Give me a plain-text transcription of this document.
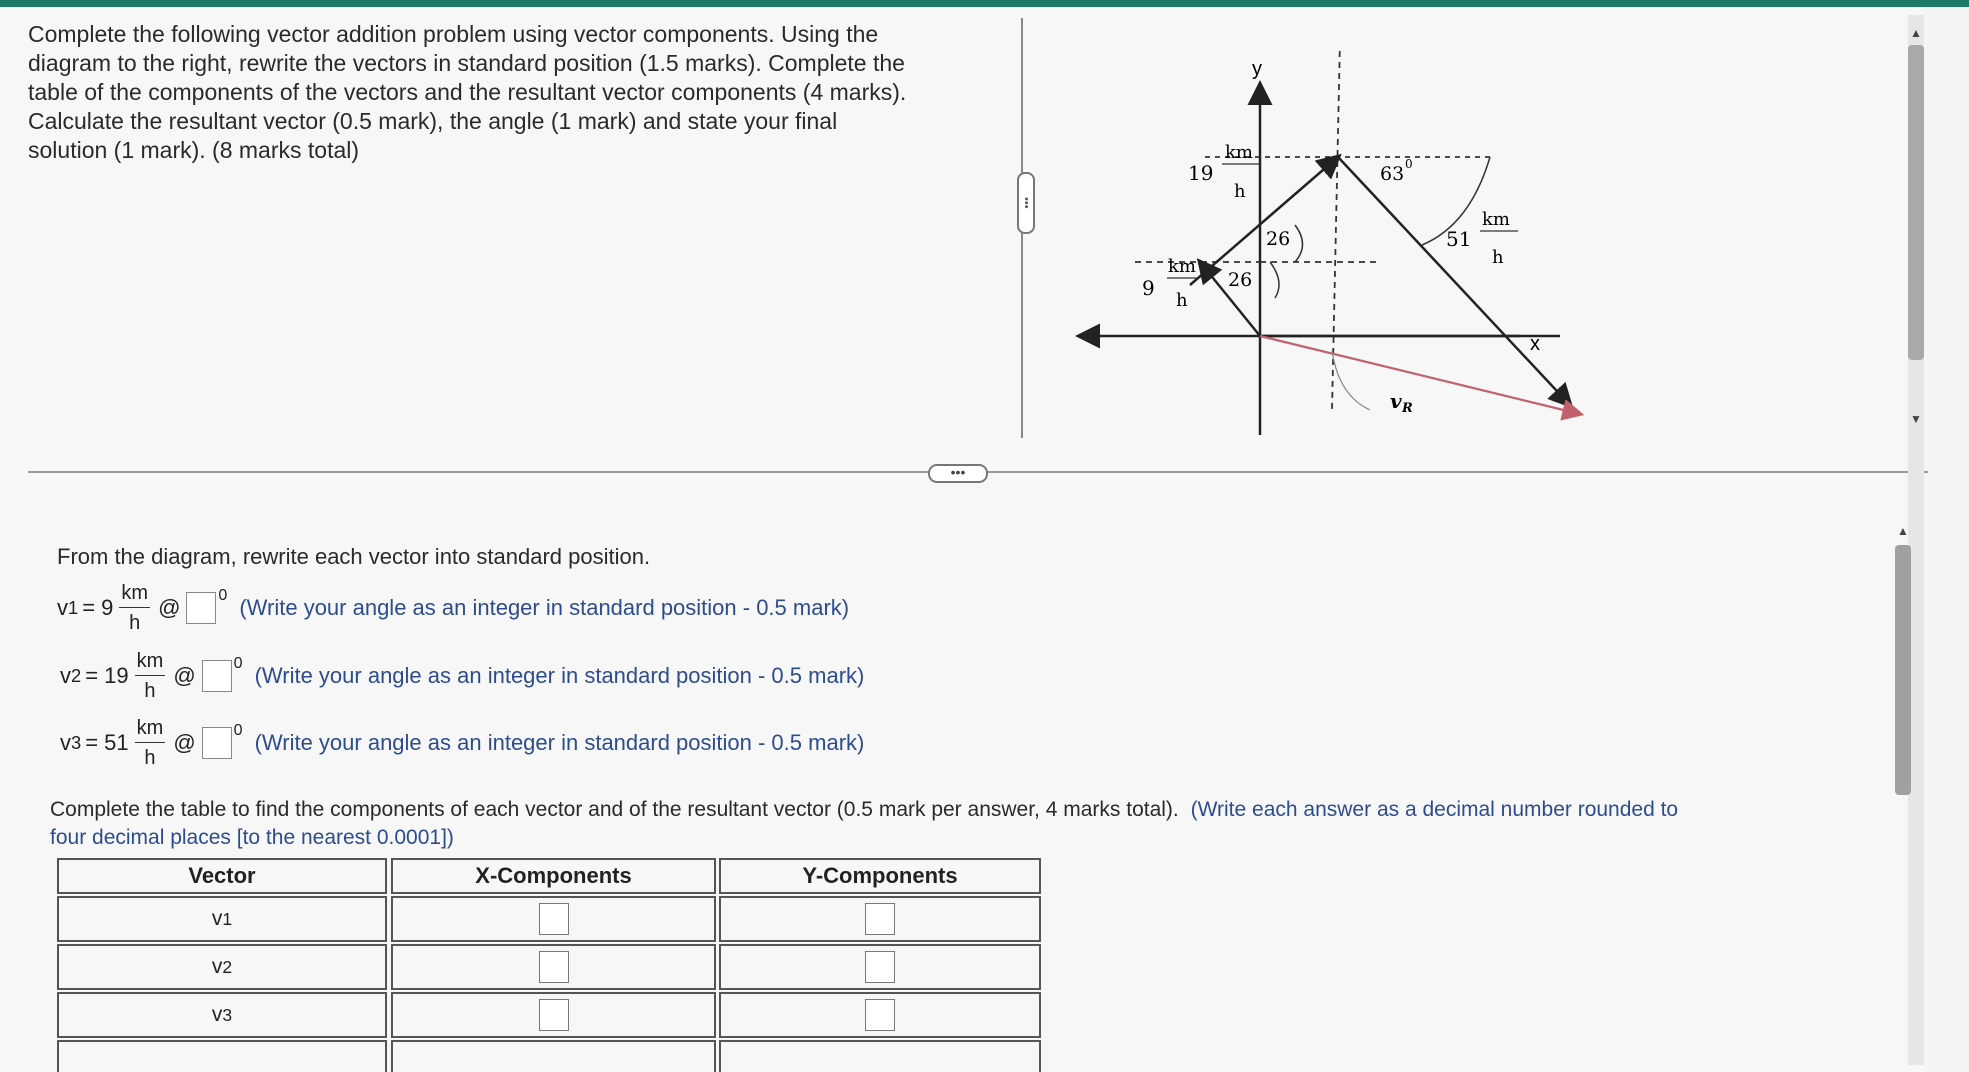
Complete the following vector addition problem using vector components. Using the
diagram to the right, rewrite the vectors in standard position (1.5 marks). Complete the
table of the components of the vectors and the resultant vector components (4 marks).
Calculate the resultant vector (0.5 mark), the angle (1 mark) and state your final
solution (1 mark). (8 marks total)
•••
y
x
9
km
h
19
km
h
51
km
h
26
26
63 0
v R
•••
From the diagram, rewrite each vector into standard position.
v $1 = 9 \frac{km}{h}$ @ 0 (Write your angle as an integer in standard position - 0.5 mark)
v $2 = 19 \frac{km}{h}$ @ 0 (Write your angle as an integer in standard position - 0.5 mark)
v $3 = 51 \frac{km}{h}$ @ 0 (Write your angle as an integer in standard position - 0.5 mark)
Complete the table to find the components of each vector and of the resultant vector (0.5 mark per answer, 4 marks total). (Write each answer as a decimal number rounded to
four decimal places [to the nearest 0.0001])
Vector	X-Components	Y-Components
v 1
v 2
v 3
▲
▼
▲
